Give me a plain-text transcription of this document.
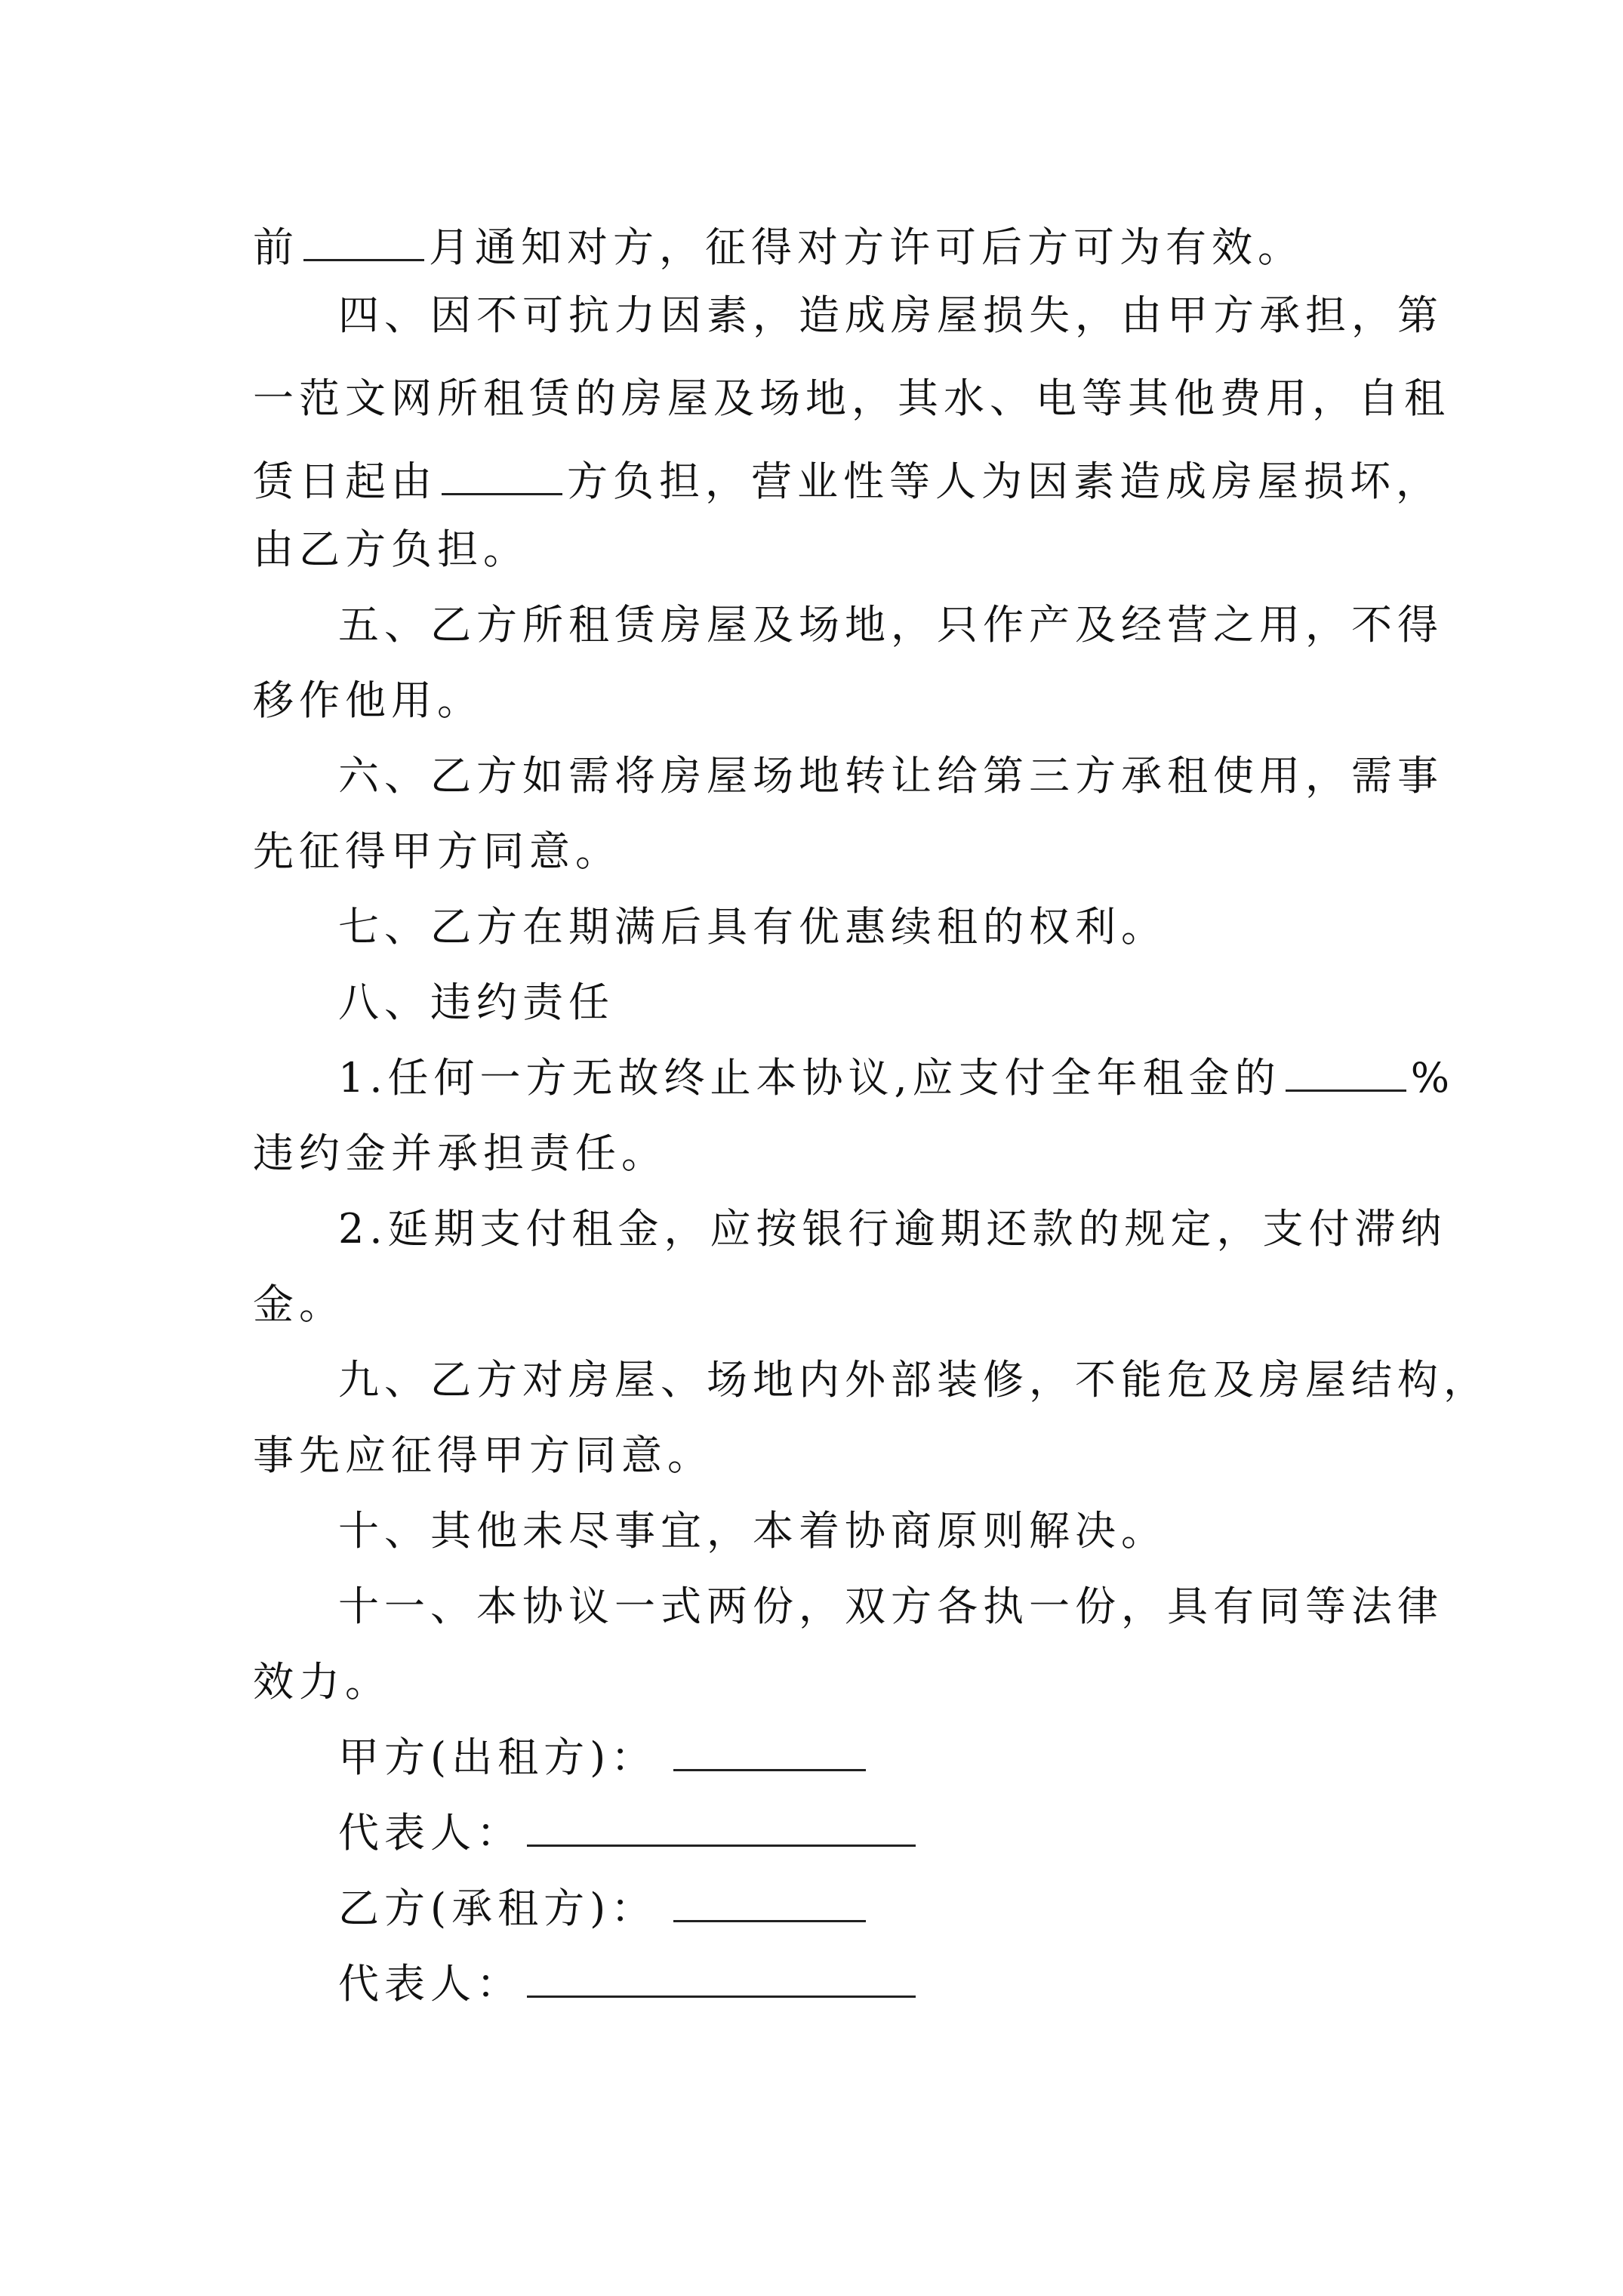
前	月通知对方，征得对方许可后方可为有效。
四、因不可抗力因素，造成房屋损失，由甲方承担，第
一范文网所租赁的房屋及场地，其水、电等其他费用，自租
赁日起由	方负担，营业性等人为因素造成房屋损坏，
由乙方负担。
五、乙方所租赁房屋及场地，只作产及经营之用，不得
移作他用。
六、乙方如需将房屋场地转让给第三方承租使用，需事
先征得甲方同意。
七、乙方在期满后具有优惠续租的权利。
八、违约责任
1.任何一方无故终止本协议,应支付全年租金的	%
违约金并承担责任。
2.延期支付租金，应按银行逾期还款的规定，支付滞纳
金。
九、乙方对房屋、场地内外部装修，不能危及房屋结构，
事先应征得甲方同意。
十、其他未尽事宜，本着协商原则解决。
十一、本协议一式两份，双方各执一份，具有同等法律
效力。
甲方(出租方)：
代表人：
乙方(承租方)：
代表人：
